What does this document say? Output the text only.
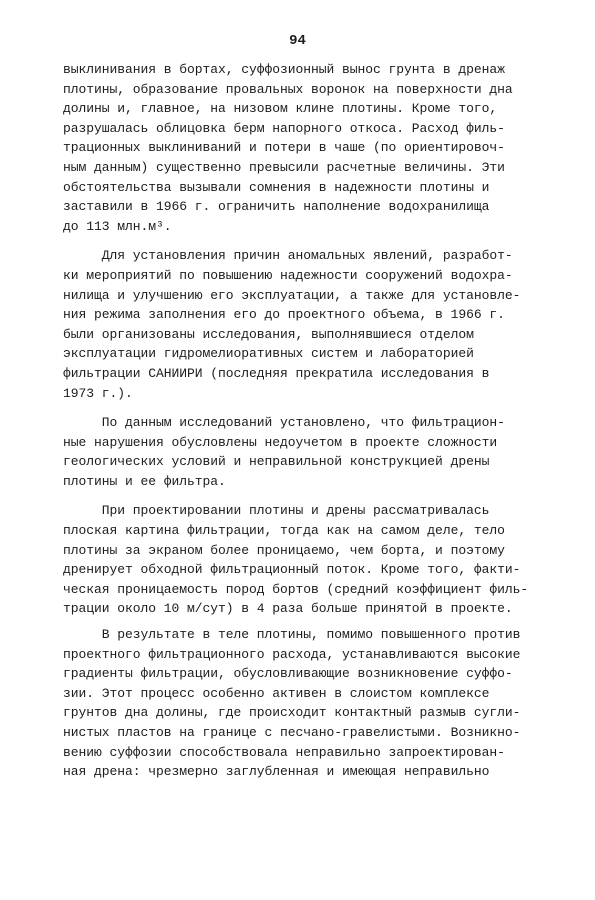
94
выклинивания в бортах, суффозионный вынос грунта в дренаж
плотины, образование провальных воронок на поверхности дна
долины и, главное, на низовом клине плотины. Кроме того,
разрушалась облицовка берм напорного откоса. Расход филь-
трационных выклиниваний и потери в чаше (по ориентировоч-
ным данным) существенно превысили расчетные величины. Эти
обстоятельства вызывали сомнения в надежности плотины и
заставили в 1966 г. ограничить наполнение водохранилища
до 113 млн.м³.
Для установления причин аномальных явлений, разработ-
ки мероприятий по повышению надежности сооружений водохра-
нилища и улучшению его эксплуатации, а также для установле-
ния режима заполнения его до проектного объема, в 1966 г.
были организованы исследования, выполнявшиеся отделом
эксплуатации гидромелиоративных систем и лабораторией
фильтрации САНИИРИ (последняя прекратила исследования в
1973 г.).
По данным исследований установлено, что фильтрацион-
ные нарушения обусловлены недоучетом в проекте сложности
геологических условий и неправильной конструкцией дрены
плотины и ее фильтра.
При проектировании плотины и дрены рассматривалась
плоская картина фильтрации, тогда как на самом деле, тело
плотины за экраном более проницаемо, чем борта, и поэтому
дренирует обходной фильтрационный поток. Кроме того, факти-
ческая проницаемость пород бортов (средний коэффициент филь-
трации около 10 м/сут) в 4 раза больше принятой в проекте.
В результате в теле плотины, помимо повышенного против
проектного фильтрационного расхода, устанавливаются высокие
градиенты фильтрации, обусловливающие возникновение суффо-
зии. Этот процесс особенно активен в слоистом комплексе
грунтов дна долины, где происходит контактный размыв сугли-
нистых пластов на границе с песчано-гравелистыми. Возникно-
вению суффозии способствовала неправильно запроектирован-
ная дрена: чрезмерно заглубленная и имеющая неправильно
